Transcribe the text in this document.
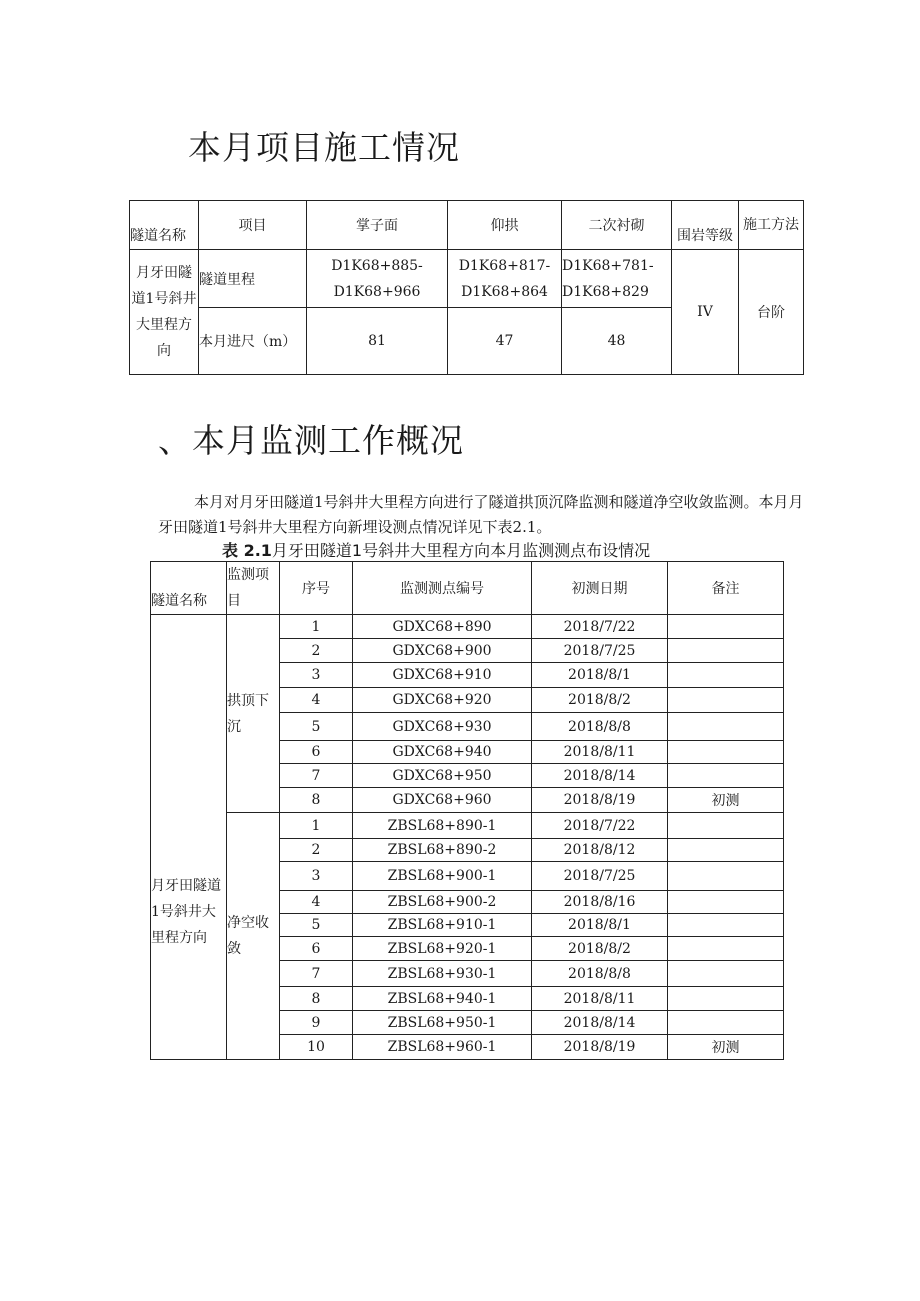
本月项目施工情况
隧道名称	项目	掌子面	仰拱	二次衬砌	围岩等级	施工方法
月牙田隧道1号斜井大里程方向	隧道里程	D1K68+885-D1K68+966	D1K68+817-D1K68+864	D1K68+781-D1K68+829	IV	台阶
	本月进尺（m）	81	47	48		
、本月监测工作概况

本月对月牙田隧道1号斜井大里程方向进行了隧道拱顶沉降监测和隧道净空收敛监测。本月月牙田隧道1号斜井大里程方向新埋设测点情况详见下表2.1。

表 2.1月牙田隧道1号斜井大里程方向本月监测测点布设情况

隧道名称	监测项目	序号	监测测点编号	初测日期	备注
月牙田隧道1号斜井大里程方向	拱顶下沉	1	GDXC68+890	2018/7/22	
		2	GDXC68+900	2018/7/25	
		3	GDXC68+910	2018/8/1	
		4	GDXC68+920	2018/8/2	
		5	GDXC68+930	2018/8/8	
		6	GDXC68+940	2018/8/11	
		7	GDXC68+950	2018/8/14	
		8	GDXC68+960	2018/8/19	初测
	净空收敛	1	ZBSL68+890-1	2018/7/22	
		2	ZBSL68+890-2	2018/8/12	
		3	ZBSL68+900-1	2018/7/25	
		4	ZBSL68+900-2	2018/8/16	
		5	ZBSL68+910-1	2018/8/1	
		6	ZBSL68+920-1	2018/8/2	
		7	ZBSL68+930-1	2018/8/8	
		8	ZBSL68+940-1	2018/8/11	
		9	ZBSL68+950-1	2018/8/14	
		10	ZBSL68+960-1	2018/8/19	初测
